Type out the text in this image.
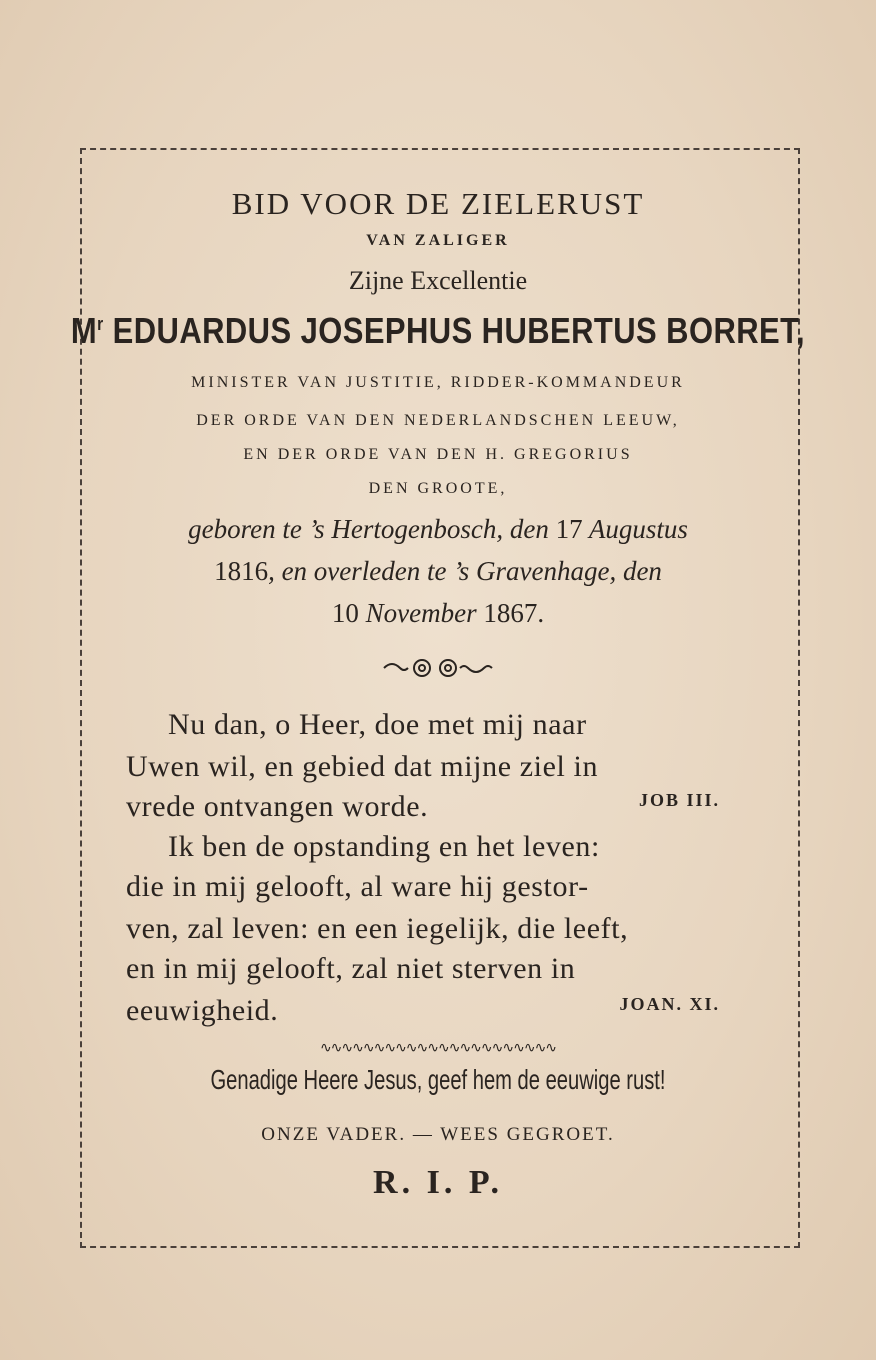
BID VOOR DE ZIELERUST
VAN ZALIGER
Zijne Excellentie
$M^r$ EDUARDUS JOSEPHUS HUBERTUS BORRET,
MINISTER VAN JUSTITIE, RIDDER-KOMMANDEUR
DER ORDE VAN DEN NEDERLANDSCHEN LEEUW,
EN DER ORDE VAN DEN H. GREGORIUS
DEN GROOTE,
geboren te ’s Hertogenbosch, den 17 Augustus
1816, en overleden te ’s Gravenhage, den
10 November 1867.
Nu dan, o Heer, doe met mij naar
Uwen wil, en gebied dat mijne ziel in
vrede ontvangen worde.	JOB III.
Ik ben de opstanding en het leven:
die in mij gelooft, al ware hij gestor-
ven, zal leven: en een iegelijk, die leeft,
en in mij gelooft, zal niet sterven in
eeuwigheid.	JOAN. XI.
∿∿∿∿∿∿∿∿∿∿∿∿∿∿∿∿∿∿∿∿∿∿
Genadige Heere Jesus, geef hem de eeuwige rust!
ONZE VADER. — WEES GEGROET.
R. I. P.
